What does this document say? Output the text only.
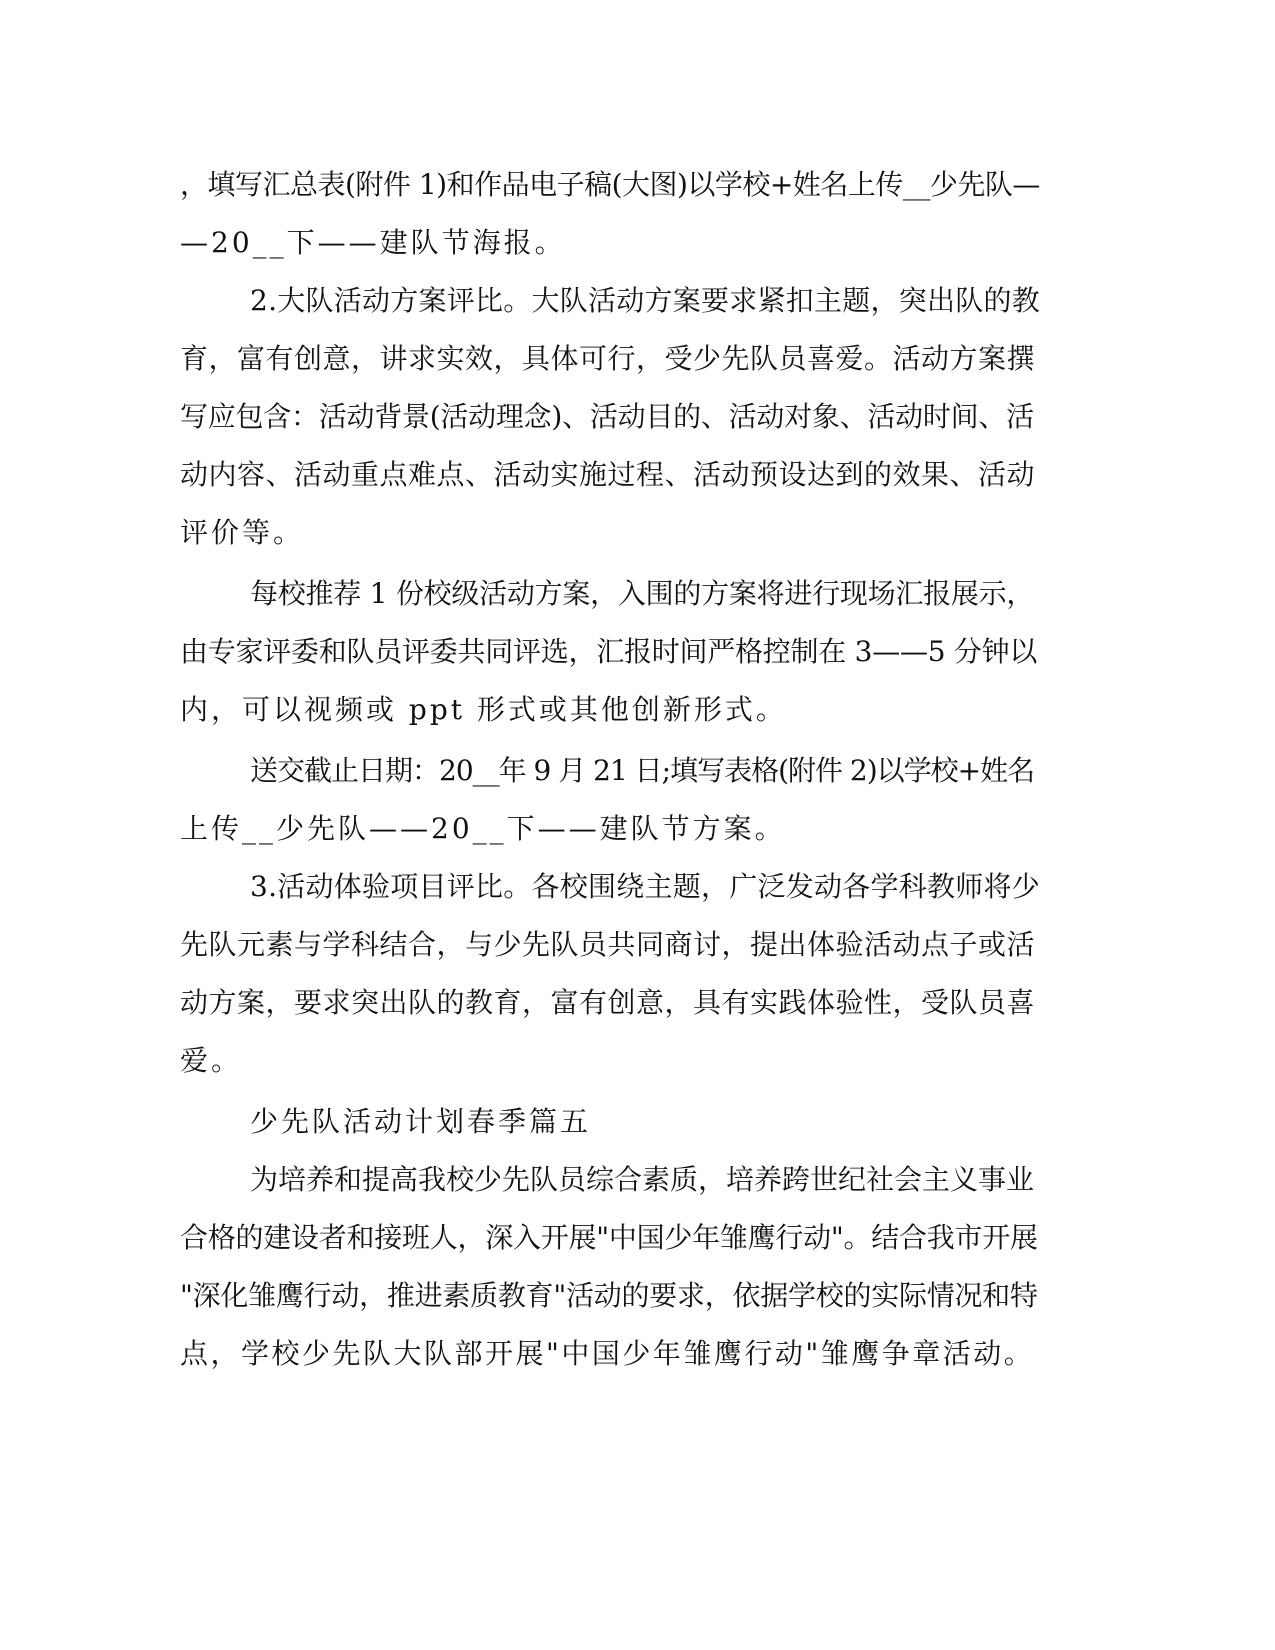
，填写汇总表(附件 1)和作品电子稿(大图)以学校+姓名上传__少先队—
—20__下——建队节海报。
2.大队活动方案评比。大队活动方案要求紧扣主题，突出队的教
育，富有创意，讲求实效，具体可行，受少先队员喜爱。活动方案撰
写应包含：活动背景(活动理念)、活动目的、活动对象、活动时间、活
动内容、活动重点难点、活动实施过程、活动预设达到的效果、活动
评价等。
每校推荐 1 份校级活动方案，入围的方案将进行现场汇报展示，
由专家评委和队员评委共同评选，汇报时间严格控制在 3——5 分钟以
内，可以视频或 ppt 形式或其他创新形式。
送交截止日期：20__年 9 月 21 日;填写表格(附件 2)以学校+姓名
上传__少先队——20__下——建队节方案。
3.活动体验项目评比。各校围绕主题，广泛发动各学科教师将少
先队元素与学科结合，与少先队员共同商讨，提出体验活动点子或活
动方案，要求突出队的教育，富有创意，具有实践体验性，受队员喜
爱。
少先队活动计划春季篇五
为培养和提高我校少先队员综合素质，培养跨世纪社会主义事业
合格的建设者和接班人，深入开展"中国少年雏鹰行动"。结合我市开展
"深化雏鹰行动，推进素质教育"活动的要求，依据学校的实际情况和特
点，学校少先队大队部开展"中国少年雏鹰行动"雏鹰争章活动。
